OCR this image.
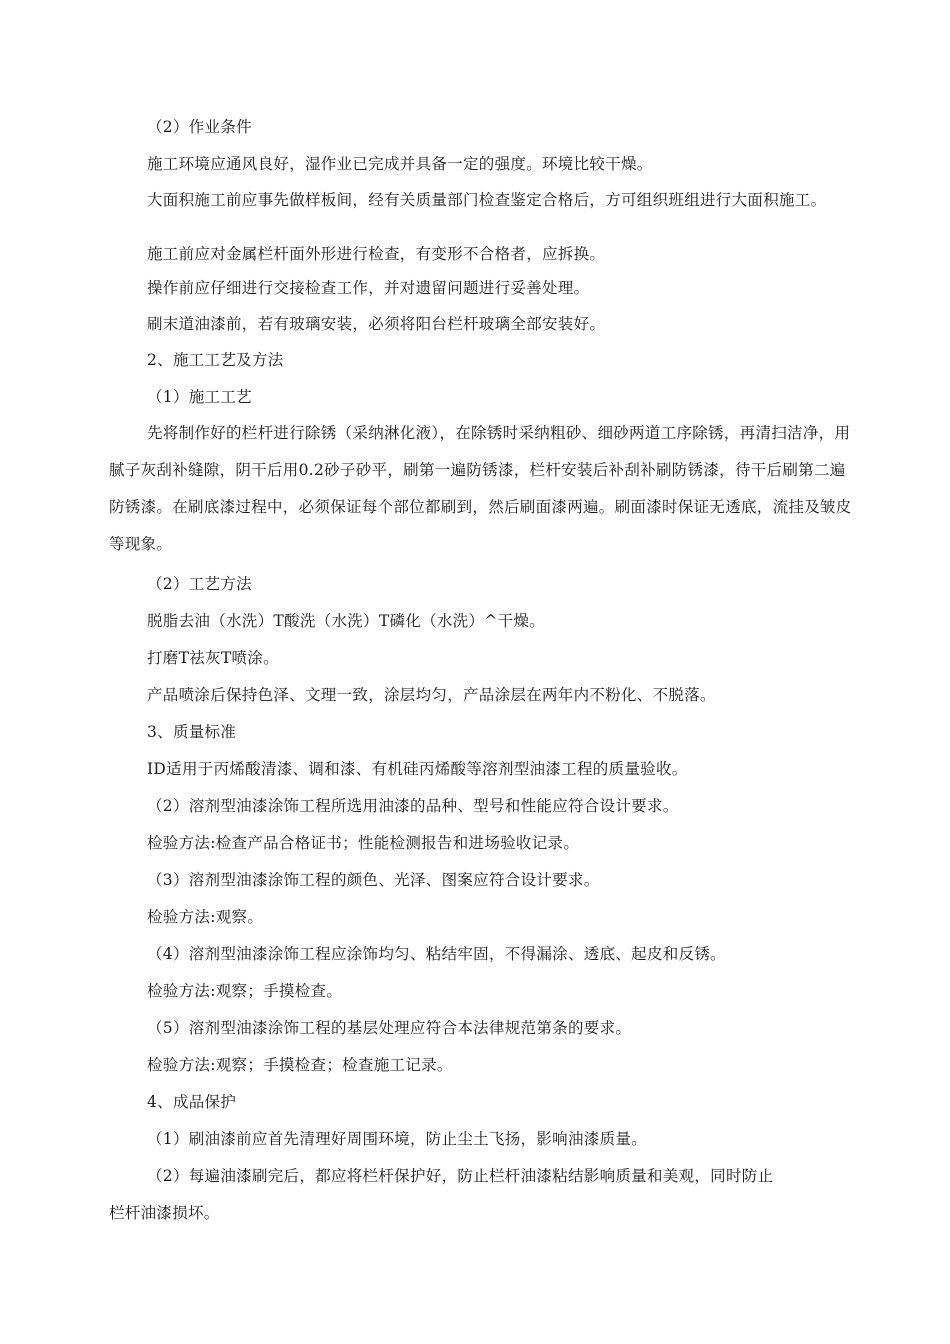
（2）作业条件

施工环境应通风良好，湿作业已完成并具备一定的强度。环境比较干燥。

大面积施工前应事先做样板间，经有关质量部门检查鉴定合格后，方可组织班组进行大面积施工。

施工前应对金属栏杆面外形进行检查，有变形不合格者，应拆换。

操作前应仔细进行交接检查工作，并对遗留问题进行妥善处理。

刷末道油漆前，若有玻璃安装，必须将阳台栏杆玻璃全部安装好。

2、施工工艺及方法

（1）施工工艺

先将制作好的栏杆进行除锈（采纳淋化液），在除锈时采纳粗砂、细砂两道工序除锈，再清扫洁净，用腻子灰刮补缝隙，阴干后用0.2砂子砂平，刷第一遍防锈漆，栏杆安装后补刮补刷防锈漆，待干后刷第二遍防锈漆。在刷底漆过程中，必须保证每个部位都刷到，然后刷面漆两遍。刷面漆时保证无透底，流挂及皱皮等现象。

（2）工艺方法

脱脂去油（水洗）T酸洗（水洗）T磷化（水洗）^干燥。

打磨T祛灰T喷涂。

产品喷涂后保持色泽、文理一致，涂层均匀，产品涂层在两年内不粉化、不脱落。

3、质量标准

ID适用于丙烯酸清漆、调和漆、有机硅丙烯酸等溶剂型油漆工程的质量验收。

（2）溶剂型油漆涂饰工程所选用油漆的品种、型号和性能应符合设计要求。

检验方法:检查产品合格证书；性能检测报告和进场验收记录。

（3）溶剂型油漆涂饰工程的颜色、光泽、图案应符合设计要求。

检验方法:观察。

（4）溶剂型油漆涂饰工程应涂饰均匀、粘结牢固，不得漏涂、透底、起皮和反锈。

检验方法:观察；手摸检查。

（5）溶剂型油漆涂饰工程的基层处理应符合本法律规范第条的要求。

检验方法:观察；手摸检查；检查施工记录。

4、成品保护

（1）刷油漆前应首先清理好周围环境，防止尘土飞扬，影响油漆质量。

（2）每遍油漆刷完后，都应将栏杆保护好，防止栏杆油漆粘结影响质量和美观，同时防止栏杆油漆损坏。
